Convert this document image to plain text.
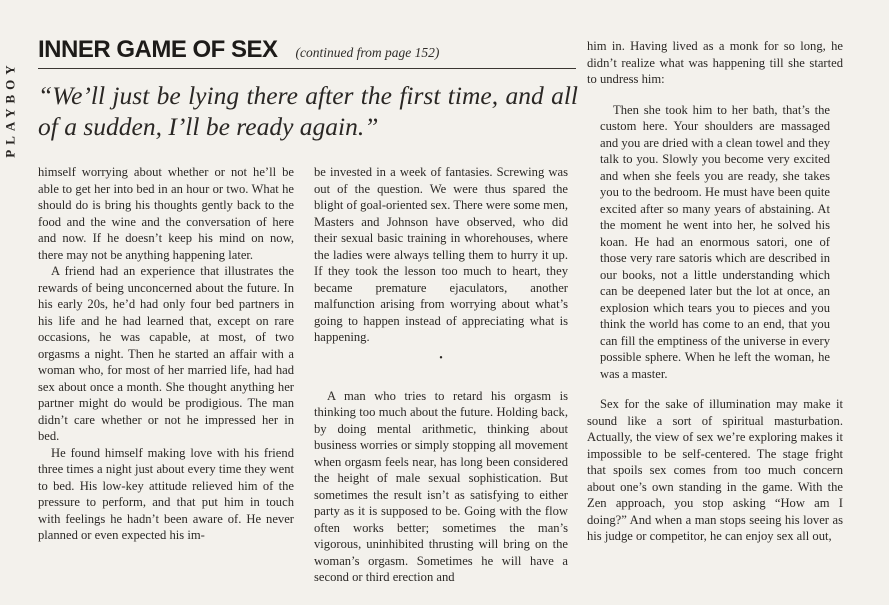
PLAYBOY
INNER GAME OF SEX (continued from page 152)

“We’ll just be lying there after the first time, and all of a sudden, I’ll be ready again.”

himself worrying about whether or not he’ll be able to get her into bed in an hour or two. What he should do is bring his thoughts gently back to the food and the wine and the conversation of here and now. If he doesn’t keep his mind on now, there may not be anything happening later.

A friend had an experience that illustrates the rewards of being unconcerned about the future. In his early 20s, he’d had only four bed partners in his life and he had learned that, except on rare occasions, he was capable, at most, of two orgasms a night. Then he started an affair with a woman who, for most of her married life, had had sex about once a month. She thought anything her partner might do would be prodigious. The man didn’t care whether or not he impressed her in bed.

He found himself making love with his friend three times a night just about every time they went to bed. His low-key attitude relieved him of the pressure to perform, and that put him in touch with feelings he hadn’t been aware of. He never planned or even expected his im-

be invested in a week of fantasies. Screwing was out of the question. We were thus spared the blight of goal-oriented sex. There were some men, Masters and Johnson have observed, who did their sexual basic training in whorehouses, where the ladies were always telling them to hurry it up. If they took the lesson too much to heart, they became premature ejaculators, another malfunction arising from worrying about what’s going to happen instead of appreciating what is happening.

•

A man who tries to retard his orgasm is thinking too much about the future. Holding back, by doing mental arithmetic, thinking about business worries or simply stopping all movement when orgasm feels near, has long been considered the height of male sexual sophistication. But sometimes the result isn’t as satisfying to either party as it is supposed to be. Going with the flow often works better; sometimes the man’s vigorous, uninhibited thrusting will bring on the woman’s orgasm. Sometimes he will have a second or third erection and

him in. Having lived as a monk for so long, he didn’t realize what was happening till she started to undress him:

Then she took him to her bath, that’s the custom here. Your shoulders are massaged and you are dried with a clean towel and they talk to you. Slowly you become very excited and when she feels you are ready, she takes you to the bedroom. He must have been quite excited after so many years of abstaining. At the moment he went into her, he solved his koan. He had an enormous satori, one of those very rare satoris which are described in our books, not a little understanding which can be deepened later but the lot at once, an explosion which tears you to pieces and you think the world has come to an end, that you can fill the emptiness of the universe in every possible sphere. When he left the woman, he was a master.

Sex for the sake of illumination may make it sound like a sort of spiritual masturbation. Actually, the view of sex we’re exploring makes it impossible to be self-centered. The stage fright that spoils sex comes from too much concern about one’s own standing in the game. With the Zen approach, you stop asking “How am I doing?” And when a man stops seeing his lover as his judge or competitor, he can enjoy sex all out,
